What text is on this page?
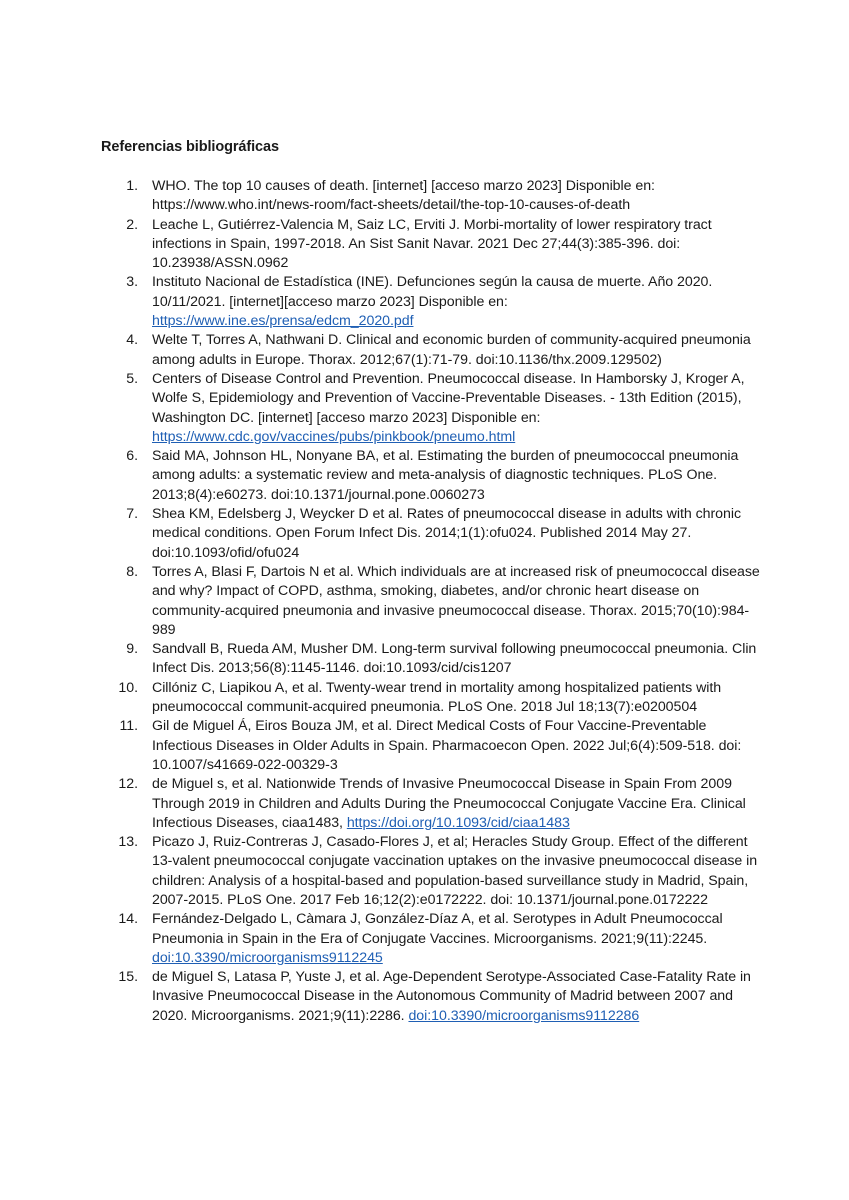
Referencias bibliográficas
1. WHO. The top 10 causes of death. [internet] [acceso marzo 2023] Disponible en: https://www.who.int/news-room/fact-sheets/detail/the-top-10-causes-of-death
2. Leache L, Gutiérrez-Valencia M, Saiz LC, Erviti J. Morbi-mortality of lower respiratory tract infections in Spain, 1997-2018. An Sist Sanit Navar. 2021 Dec 27;44(3):385-396. doi: 10.23938/ASSN.0962
3. Instituto Nacional de Estadística (INE). Defunciones según la causa de muerte. Año 2020. 10/11/2021. [internet][acceso marzo 2023] Disponible en: https://www.ine.es/prensa/edcm_2020.pdf
4. Welte T, Torres A, Nathwani D. Clinical and economic burden of community-acquired pneumonia among adults in Europe. Thorax. 2012;67(1):71-79. doi:10.1136/thx.2009.129502)
5. Centers of Disease Control and Prevention. Pneumococcal disease. In Hamborsky J, Kroger A, Wolfe S, Epidemiology and Prevention of Vaccine-Preventable Diseases. - 13th Edition (2015), Washington DC. [internet] [acceso marzo 2023] Disponible en: https://www.cdc.gov/vaccines/pubs/pinkbook/pneumo.html
6. Said MA, Johnson HL, Nonyane BA, et al. Estimating the burden of pneumococcal pneumonia among adults: a systematic review and meta-analysis of diagnostic techniques. PLoS One. 2013;8(4):e60273. doi:10.1371/journal.pone.0060273
7. Shea KM, Edelsberg J, Weycker D et al. Rates of pneumococcal disease in adults with chronic medical conditions. Open Forum Infect Dis. 2014;1(1):ofu024. Published 2014 May 27. doi:10.1093/ofid/ofu024
8. Torres A, Blasi F, Dartois N et al. Which individuals are at increased risk of pneumococcal disease and why? Impact of COPD, asthma, smoking, diabetes, and/or chronic heart disease on community-acquired pneumonia and invasive pneumococcal disease. Thorax. 2015;70(10):984-989
9. Sandvall B, Rueda AM, Musher DM. Long-term survival following pneumococcal pneumonia. Clin Infect Dis. 2013;56(8):1145-1146. doi:10.1093/cid/cis1207
10. Cillóniz C, Liapikou A, et al. Twenty-wear trend in mortality among hospitalized patients with pneumococcal communit-acquired pneumonia. PLoS One. 2018 Jul 18;13(7):e0200504
11. Gil de Miguel Á, Eiros Bouza JM, et al. Direct Medical Costs of Four Vaccine-Preventable Infectious Diseases in Older Adults in Spain. Pharmacoecon Open. 2022 Jul;6(4):509-518. doi: 10.1007/s41669-022-00329-3
12. de Miguel s, et al. Nationwide Trends of Invasive Pneumococcal Disease in Spain From 2009 Through 2019 in Children and Adults During the Pneumococcal Conjugate Vaccine Era. Clinical Infectious Diseases, ciaa1483, https://doi.org/10.1093/cid/ciaa1483
13. Picazo J, Ruiz-Contreras J, Casado-Flores J, et al; Heracles Study Group. Effect of the different 13-valent pneumococcal conjugate vaccination uptakes on the invasive pneumococcal disease in children: Analysis of a hospital-based and population-based surveillance study in Madrid, Spain, 2007-2015. PLoS One. 2017 Feb 16;12(2):e0172222. doi: 10.1371/journal.pone.0172222
14. Fernández-Delgado L, Càmara J, González-Díaz A, et al. Serotypes in Adult Pneumococcal Pneumonia in Spain in the Era of Conjugate Vaccines. Microorganisms. 2021;9(11):2245. doi:10.3390/microorganisms9112245
15. de Miguel S, Latasa P, Yuste J, et al. Age-Dependent Serotype-Associated Case-Fatality Rate in Invasive Pneumococcal Disease in the Autonomous Community of Madrid between 2007 and 2020. Microorganisms. 2021;9(11):2286. doi:10.3390/microorganisms9112286
